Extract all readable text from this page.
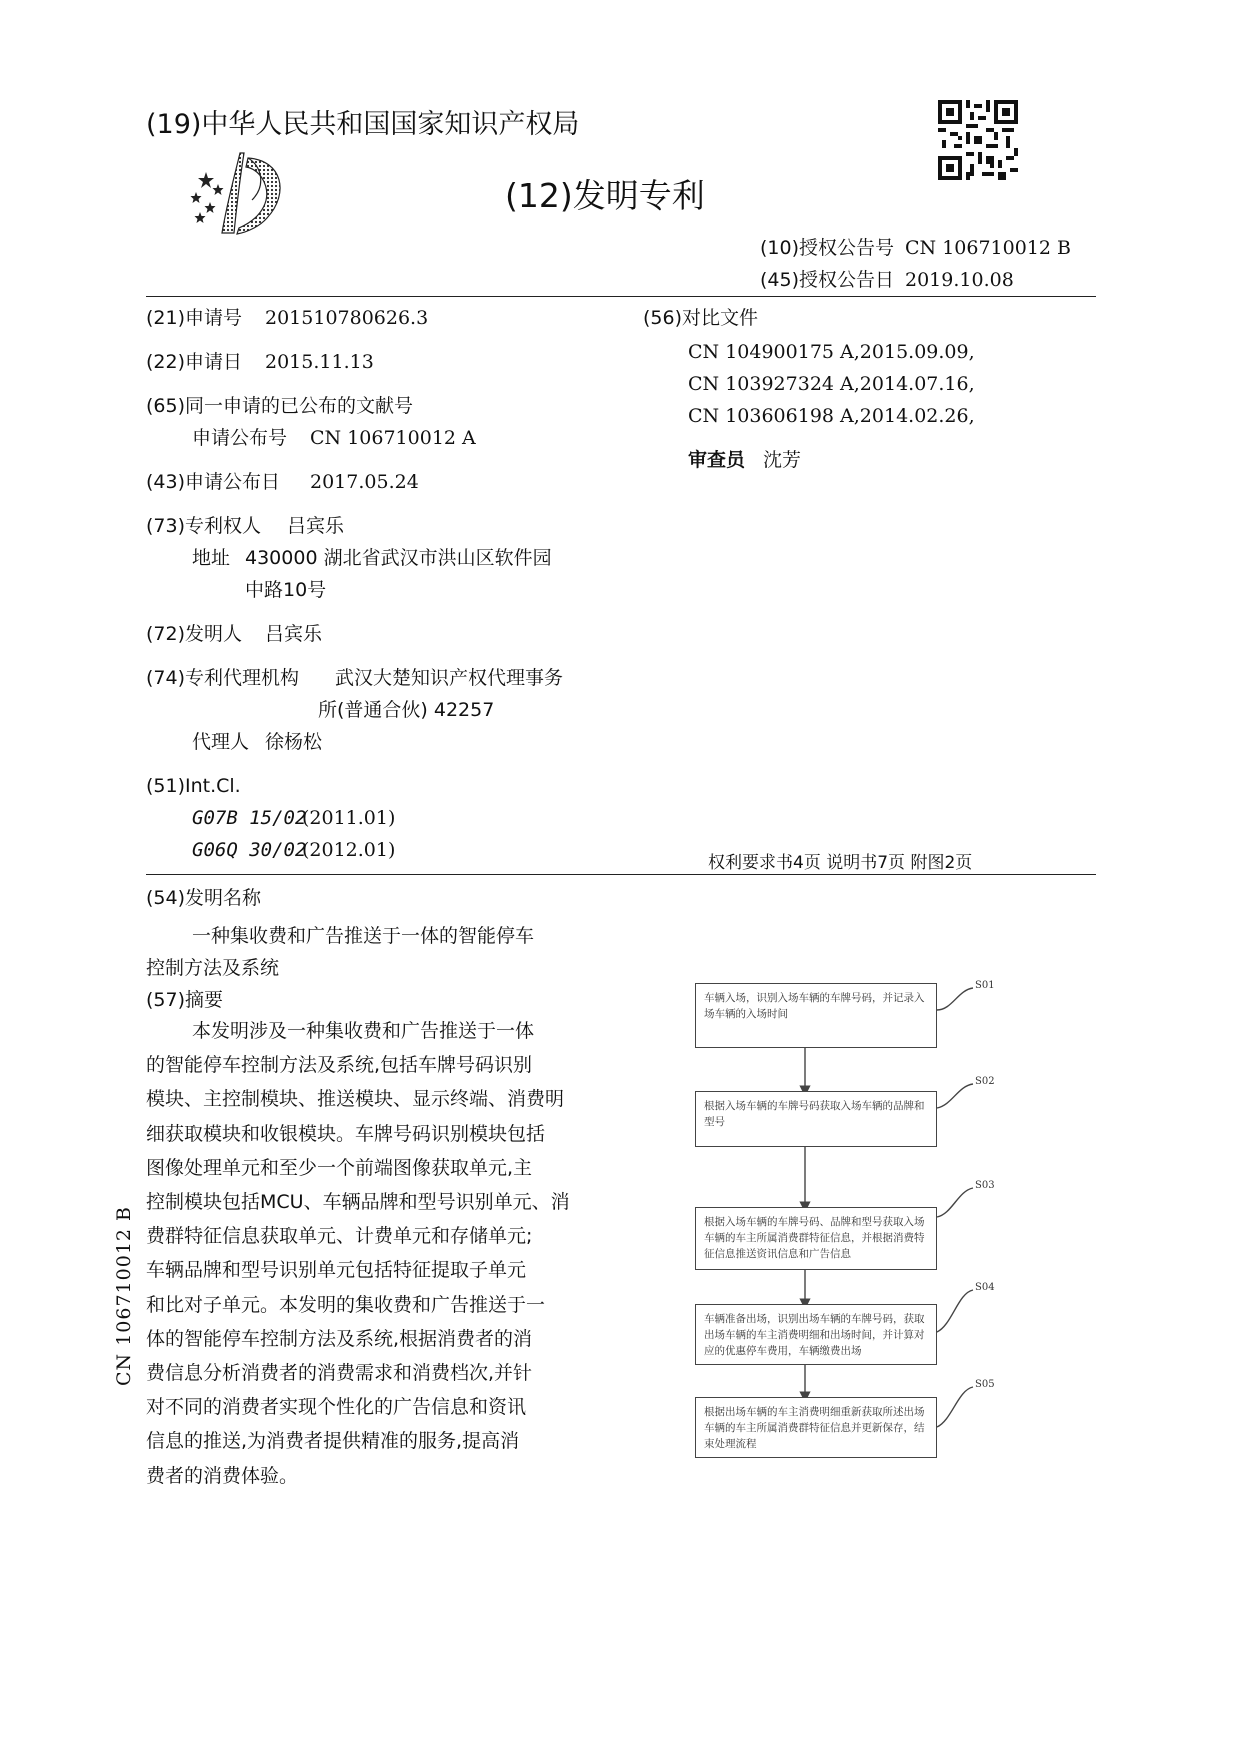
(19)中华人民共和国国家知识产权局
(12)发明专利
(10)授权公告号 CN 106710012 B
(45)授权公告日 2019.10.08
(21)申请号 201510780626.3
(22)申请日 2015.11.13
(65)同一申请的已公布的文献号
申请公布号 CN 106710012 A
(43)申请公布日 2017.05.24
(73)专利权人 吕宾乐
地址 430000 湖北省武汉市洪山区软件园
中路10号
(72)发明人 吕宾乐
(74)专利代理机构 武汉大楚知识产权代理事务
所(普通合伙) 42257
代理人 徐杨松
(51)Int.Cl.
G07B 15/02
(2011.01)
G06Q 30/02
(2012.01)
(56)对比文件
CN 104900175 A,2015.09.09,
CN 103927324 A,2014.07.16,
CN 103606198 A,2014.02.26,
审查员 沈芳
权利要求书4页 说明书7页 附图2页
(54)发明名称
一种集收费和广告推送于一体的智能停车
控制方法及系统
(57)摘要

本发明涉及一种集收费和广告推送于一体

的智能停车控制方法及系统,包括车牌号码识别

模块、主控制模块、推送模块、显示终端、消费明

细获取模块和收银模块。车牌号码识别模块包括

图像处理单元和至少一个前端图像获取单元,主

控制模块包括MCU、车辆品牌和型号识别单元、消

费群特征信息获取单元、计费单元和存储单元;

车辆品牌和型号识别单元包括特征提取子单元

和比对子单元。本发明的集收费和广告推送于一

体的智能停车控制方法及系统,根据消费者的消

费信息分析消费者的消费需求和消费档次,并针

对不同的消费者实现个性化的广告信息和资讯

信息的推送,为消费者提供精准的服务,提高消

费者的消费体验。

车辆入场，识别入场车辆的车牌号码，并记录入场车辆的入场时间
S01
根据入场车辆的车牌号码获取入场车辆的品牌和型号
S02
根据入场车辆的车牌号码、品牌和型号获取入场车辆的车主所属消费群特征信息，并根据消费特征信息推送资讯信息和广告信息
S03
车辆准备出场，识别出场车辆的车牌号码，获取出场车辆的车主消费明细和出场时间，并计算对应的优惠停车费用，车辆缴费出场
S04
根据出场车辆的车主消费明细重新获取所述出场车辆的车主所属消费群特征信息并更新保存，结束处理流程
S05
CN 106710012 B
